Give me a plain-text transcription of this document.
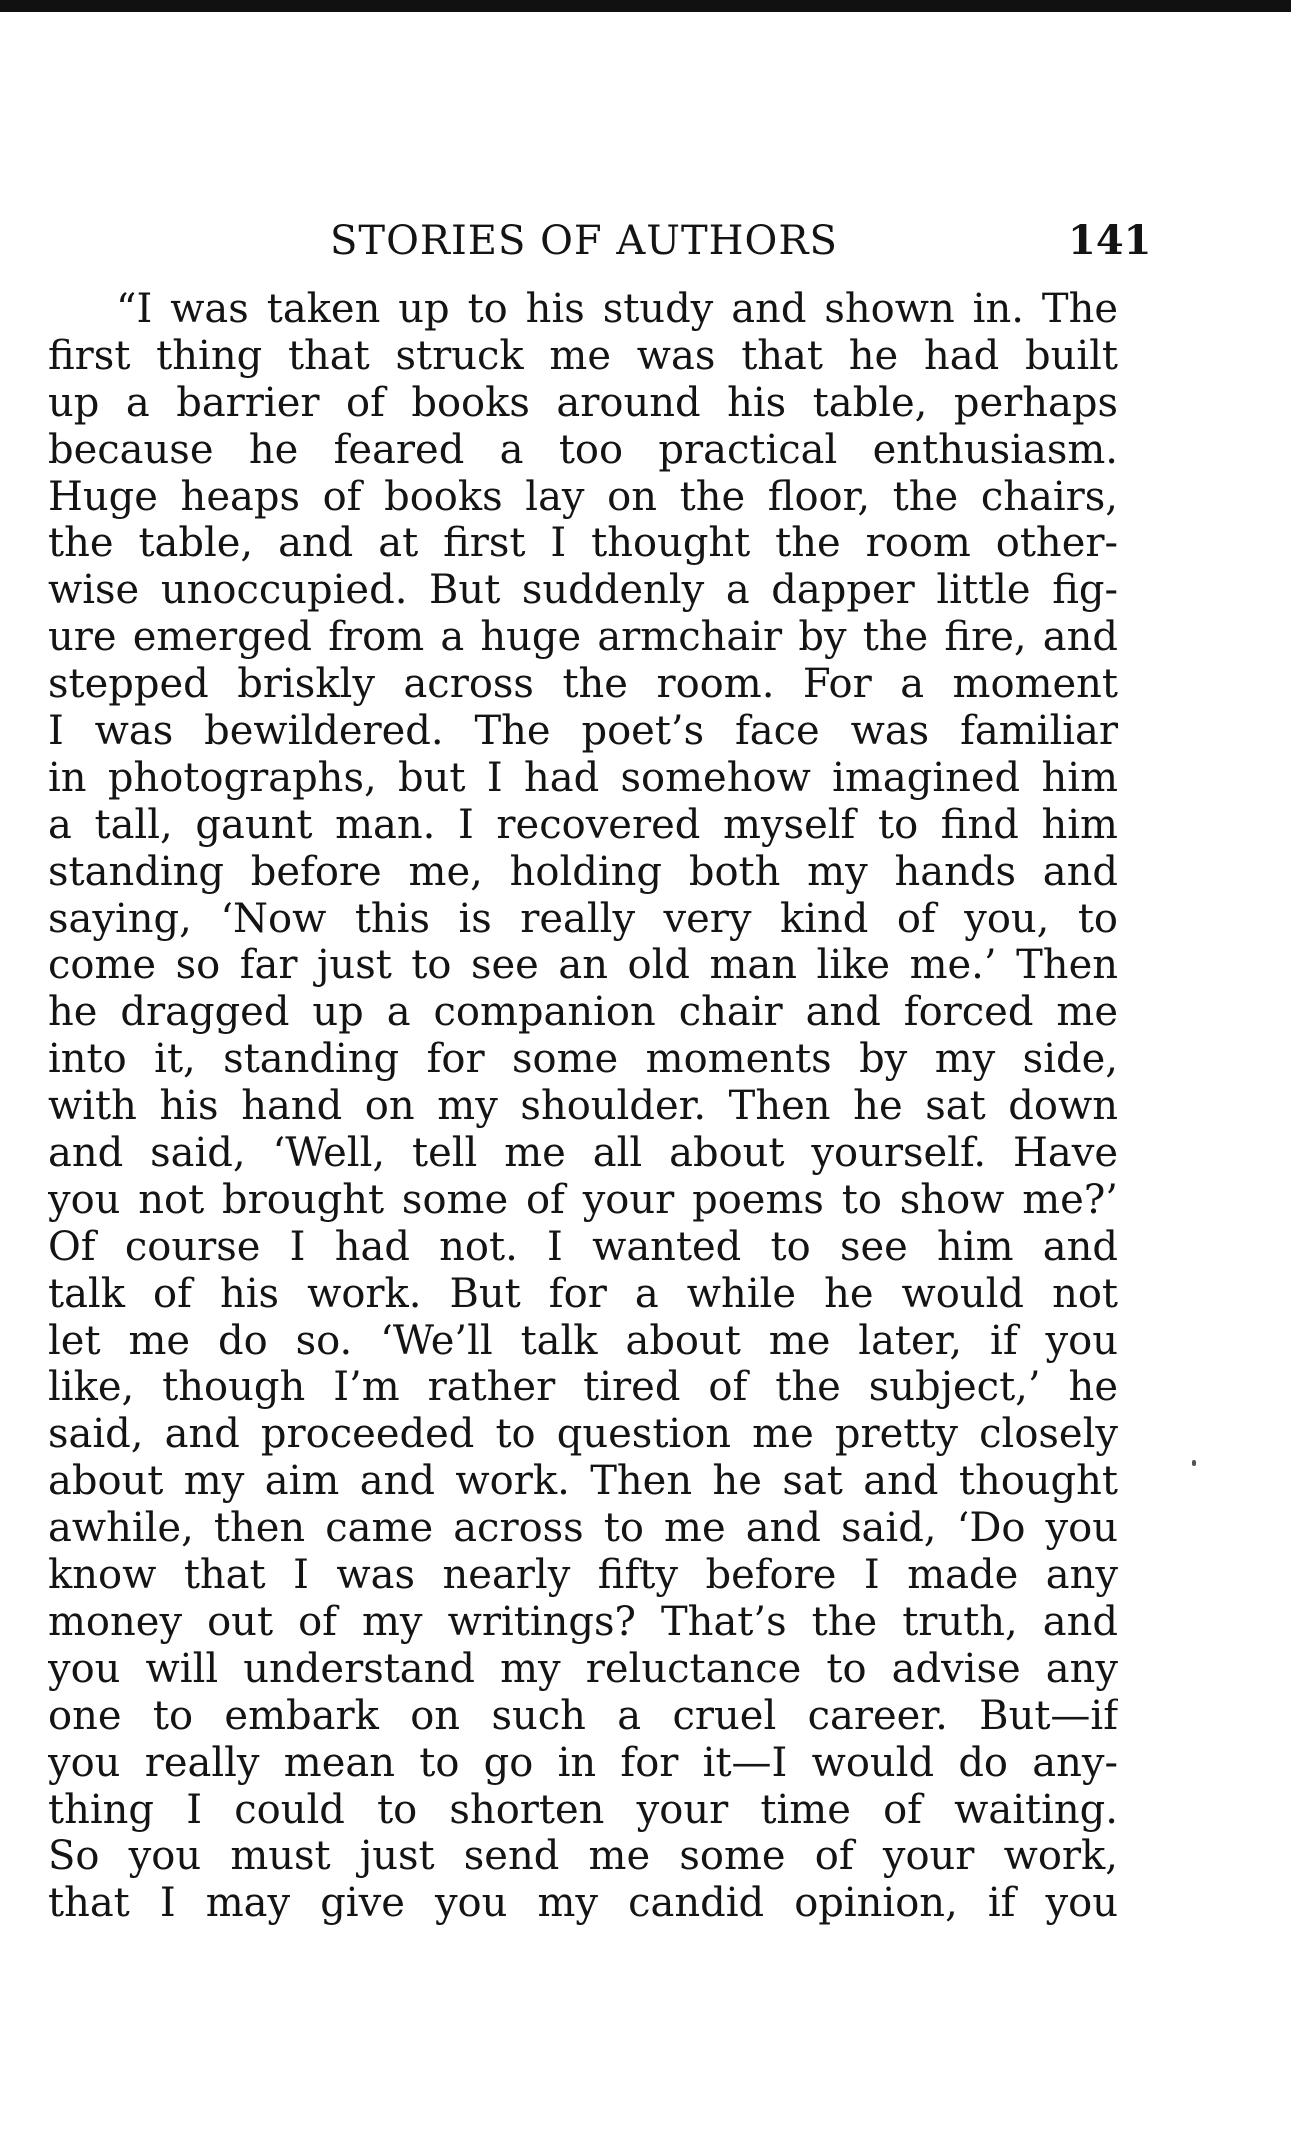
STORIES OF AUTHORS	141
“I was taken up to his study and shown in. The
first thing that struck me was that he had built
up a barrier of books around his table, perhaps
because he feared a too practical enthusiasm.
Huge heaps of books lay on the floor, the chairs,
the table, and at first I thought the room other-
wise unoccupied. But suddenly a dapper little fig-
ure emerged from a huge armchair by the fire, and
stepped briskly across the room. For a moment
I was bewildered. The poet’s face was familiar
in photographs, but I had somehow imagined him
a tall, gaunt man. I recovered myself to find him
standing before me, holding both my hands and
saying, ‘Now this is really very kind of you, to
come so far just to see an old man like me.’ Then
he dragged up a companion chair and forced me
into it, standing for some moments by my side,
with his hand on my shoulder. Then he sat down
and said, ‘Well, tell me all about yourself. Have
you not brought some of your poems to show me?’
Of course I had not. I wanted to see him and
talk of his work. But for a while he would not
let me do so. ‘We’ll talk about me later, if you
like, though I’m rather tired of the subject,’ he
said, and proceeded to question me pretty closely
about my aim and work. Then he sat and thought
awhile, then came across to me and said, ‘Do you
know that I was nearly fifty before I made any
money out of my writings? That’s the truth, and
you will understand my reluctance to advise any
one to embark on such a cruel career. But—if
you really mean to go in for it—I would do any-
thing I could to shorten your time of waiting.
So you must just send me some of your work,
that I may give you my candid opinion, if you
